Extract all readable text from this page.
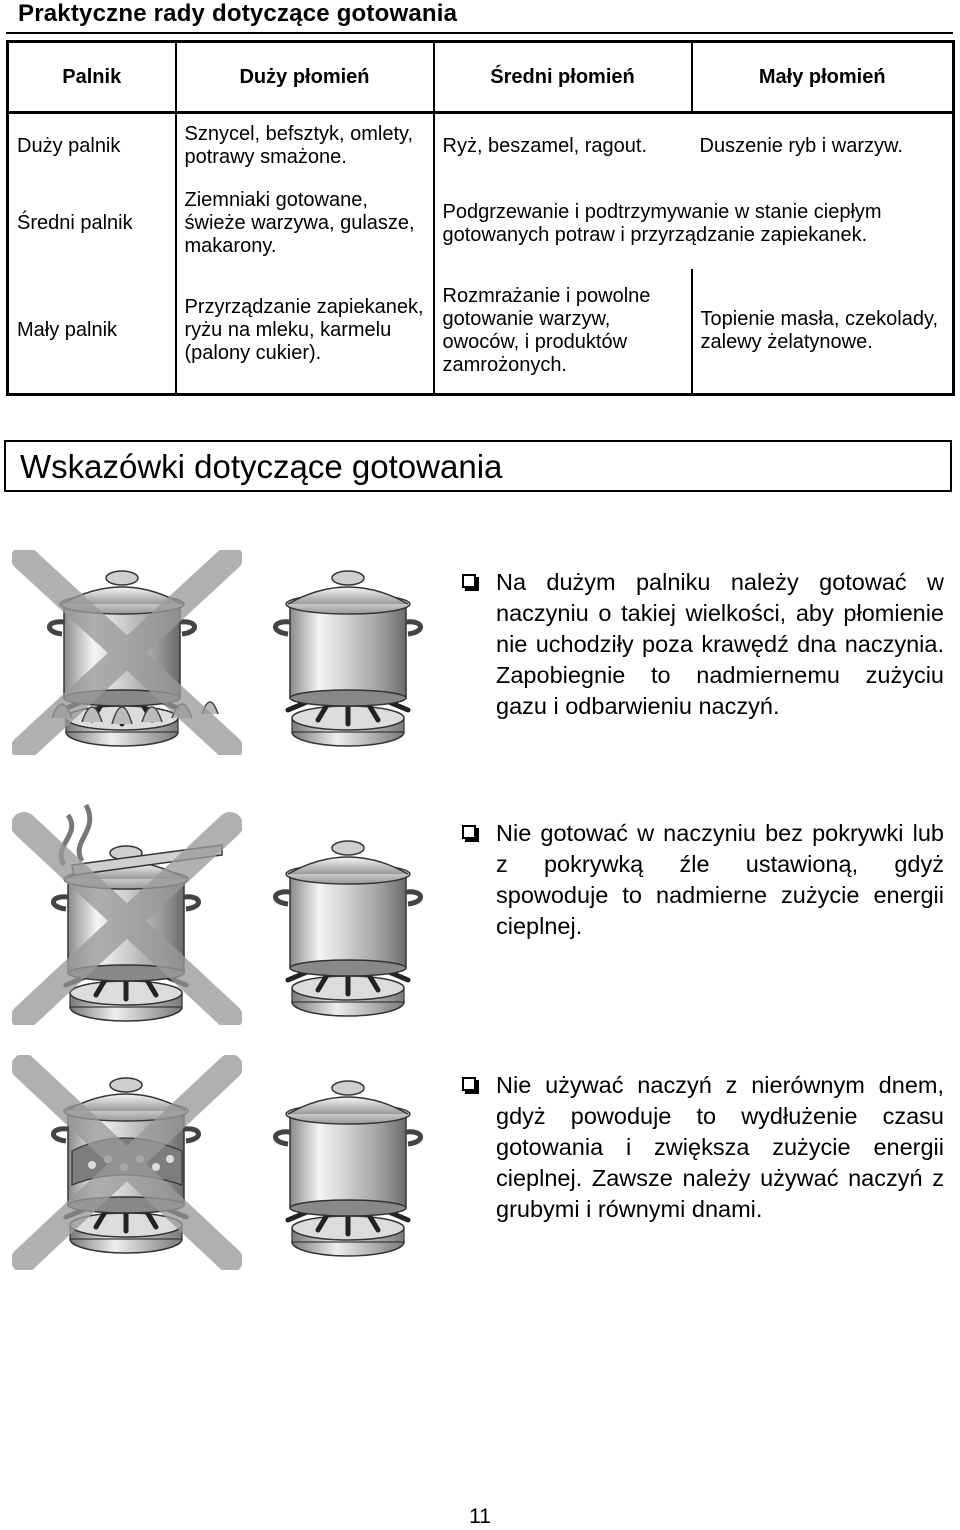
Praktyczne rady dotyczące gotowania
Palnik	Duży płomień	Średni płomień	Mały płomień
Duży palnik	Sznycel, befsztyk, omlety, potrawy smażone.	Ryż, beszamel, ragout.	Duszenie ryb i warzyw.
Średni palnik	Ziemniaki gotowane, świeże warzywa, gulasze, makarony.	Podgrzewanie i podtrzymywanie w stanie ciepłym gotowanych potraw i przyrządzanie zapiekanek.	
Mały palnik	Przyrządzanie zapiekanek, ryżu na mleku, karmelu (palony cukier).	Rozmrażanie i powolne gotowanie warzyw, owoców, i produktów zamrożonych.	Topienie masła, czekolady, zalewy żelatynowe.
Wskazówki dotyczące gotowania
Na dużym palniku należy gotować w naczyniu o takiej wielkości, aby płomienie nie uchodziły poza krawędź dna naczynia. Zapobiegnie to nadmiernemu zużyciu gazu i odbarwieniu naczyń.
Nie gotować w naczyniu bez pokrywki lub z pokrywką źle ustawioną, gdyż spowoduje to nadmierne zużycie energii cieplnej.
Nie używać naczyń z nierównym dnem, gdyż powoduje to wydłużenie czasu gotowania i zwiększa zużycie energii cieplnej. Zawsze należy używać naczyń z grubymi i równymi dnami.
11
